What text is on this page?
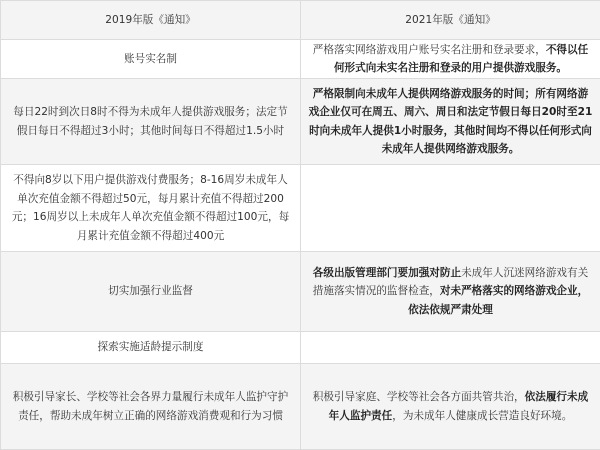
2019年版《通知》	2021年版《通知》
账号实名制	严格落实网络游戏用户账号实名注册和登录要求，不得以任何形式向未实名注册和登录的用户提供游戏服务。
每日22时到次日8时不得为未成年人提供游戏服务；法定节假日每日不得超过3小时；其他时间每日不得超过1.5小时	严格限制向未成年人提供网络游戏服务的时间；所有网络游戏企业仅可在周五、周六、周日和法定节假日每日20时至21时向未成年人提供1小时服务，其他时间均不得以任何形式向未成年人提供网络游戏服务。
不得向8岁以下用户提供游戏付费服务；8-16周岁未成年人单次充值金额不得超过50元，每月累计充值不得超过200元；16周岁以上未成年人单次充值金额不得超过100元，每月累计充值金额不得超过400元	
切实加强行业监督	各级出版管理部门要加强对防止未成年人沉迷网络游戏有关措施落实情况的监督检查，对未严格落实的网络游戏企业，依法依规严肃处理
探索实施适龄提示制度	
积极引导家长、学校等社会各界力量履行未成年人监护守护责任，帮助未成年树立正确的网络游戏消费观和行为习惯	积极引导家庭、学校等社会各方面共管共治，依法履行未成年人监护责任，为未成年人健康成长营造良好环境。
